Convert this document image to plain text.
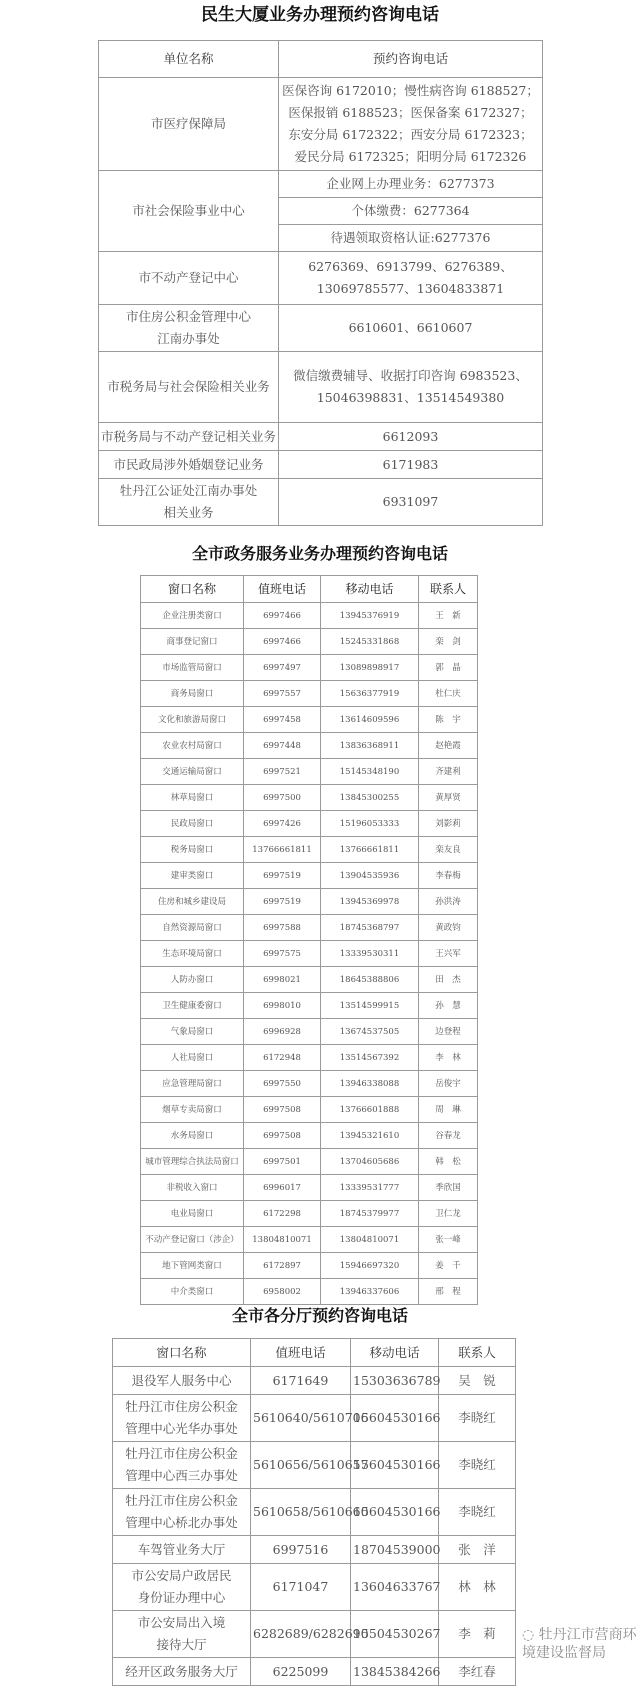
民生大厦业务办理预约咨询电话
单位名称	预约咨询电话
市医疗保障局	医保咨询 6172010；慢性病咨询 6188527；
医保报销 6188523；医保备案 6172327；
东安分局 6172322；西安分局 6172323；
爱民分局 6172325；阳明分局 6172326
市社会保险事业中心	企业网上办理业务：6277373
	个体缴费：6277364
	待遇领取资格认证:6277376
市不动产登记中心	6276369、6913799、6276389、
13069785577、13604833871
市住房公积金管理中心
江南办事处	6610601、6610607
市税务局与社会保险相关业务	微信缴费辅导、收据打印咨询 6983523、
15046398831、13514549380
市税务局与不动产登记相关业务	6612093
市民政局涉外婚姻登记业务	6171983
牡丹江公证处江南办事处
相关业务	6931097
全市政务服务业务办理预约咨询电话
窗口名称	值班电话	移动电话	联系人
企业注册类窗口	6997466	13945376919	王　新
商事登记窗口	6997466	15245331868	栾　剑
市场监管局窗口	6997497	13089898917	郭　晶
商务局窗口	6997557	15636377919	杜仁庆
文化和旅游局窗口	6997458	13614609596	陈　宇
农业农村局窗口	6997448	13836368911	赵艳霞
交通运输局窗口	6997521	15145348190	齐建利
林草局窗口	6997500	13845300255	黄厚贤
民政局窗口	6997426	15196053333	刘影莉
税务局窗口	13766661811	13766661811	栾友良
建审类窗口	6997519	13904535936	李春梅
住房和城乡建设局	6997519	13945369978	孙洪涛
自然资源局窗口	6997588	18745368797	黄政钧
生态环境局窗口	6997575	13339530311	王兴军
人防办窗口	6998021	18645388806	田　杰
卫生健康委窗口	6998010	13514599915	孙　慧
气象局窗口	6996928	13674537505	边登程
人社局窗口	6172948	13514567392	李　林
应急管理局窗口	6997550	13946338088	岳俊宇
烟草专卖局窗口	6997508	13766601888	周　琳
水务局窗口	6997508	13945321610	谷春龙
城市管理综合执法局窗口	6997501	13704605686	韩　松
非税收入窗口	6996017	13339531777	季欣国
电业局窗口	6172298	18745379977	卫仁龙
不动产登记窗口（涉企）	13804810071	13804810071	张一峰
地下管网类窗口	6172897	15946697320	姜　千
中介类窗口	6958002	13946337606	邢　程
全市各分厅预约咨询电话
窗口名称	值班电话	移动电话	联系人
退役军人服务中心	6171649	15303636789	吴　锐
牡丹江市住房公积金
管理中心光华办事处	5610640/5610706	15604530166	李晓红
牡丹江市住房公积金
管理中心西三办事处	5610656/5610657	15604530166	李晓红
牡丹江市住房公积金
管理中心桥北办事处	5610658/5610660	15604530166	李晓红
车驾管业务大厅	6997516	18704539000	张　洋
市公安局户政居民
身份证办理中心	6171047	13604633767	林　林
市公安局出入境
接待大厅	6282689/6282690	15504530267	李　莉
经开区政务服务大厅	6225099	13845384266	李红春
◌ 牡丹江市营商环境建设监督局
